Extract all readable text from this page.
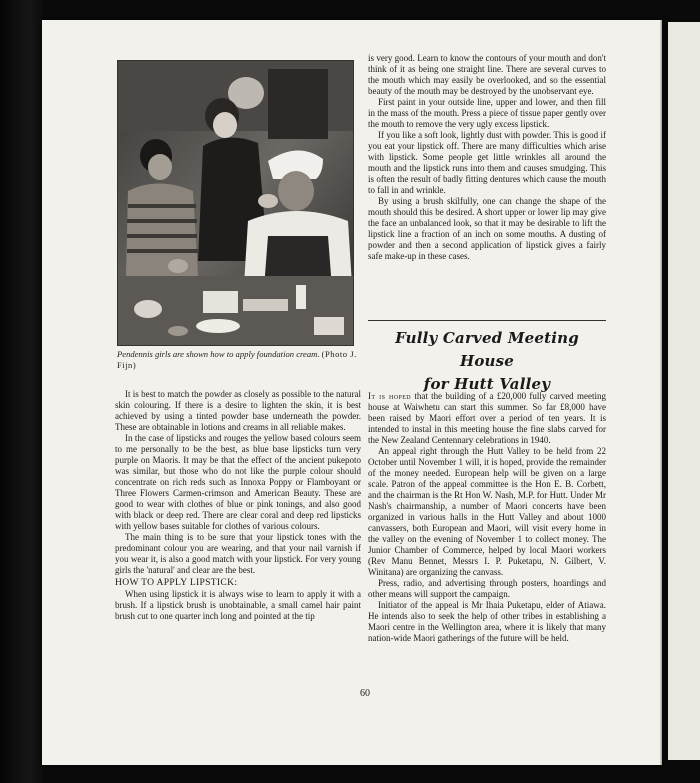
Pendennis girls are shown how to apply foundation cream. (Photo J. Fijn)

It is best to match the powder as closely as possible to the natural skin colouring. If there is a desire to lighten the skin, it is best achieved by using a tinted powder base underneath the powder. These are obtainable in lotions and creams in all reliable makes.

In the case of lipsticks and rouges the yellow based colours seem to me personally to be the best, as blue base lipsticks turn very purple on Maoris. It may be that the effect of the ancient pukepoto was similar, but those who do not like the purple colour should concentrate on rich reds such as Innoxa Poppy or Flamboyant or Three Flowers Carmen-crimson and American Beauty. These are good to wear with clothes of blue or pink tonings, and also good with black or deep red. There are clear coral and deep red lipsticks with yellow bases suitable for clothes of various colours.

The main thing is to be sure that your lipstick tones with the predominant colour you are wearing, and that your nail varnish if you wear it, is also a good match with your lipstick. For very young girls the 'natural' and clear are the best.

HOW TO APPLY LIPSTICK:

When using lipstick it is always wise to learn to apply it with a brush. If a lipstick brush is unobtainable, a small camel hair paint brush cut to one quarter inch long and pointed at the tip

is very good. Learn to know the contours of your mouth and don't think of it as being one straight line. There are several curves to the mouth which may easily be overlooked, and so the essential beauty of the mouth may be destroyed by the unobservant eye.

First paint in your outside line, upper and lower, and then fill in the mass of the mouth. Press a piece of tissue paper gently over the mouth to remove the very ugly excess lipstick.

If you like a soft look, lightly dust with powder. This is good if you eat your lipstick off. There are many difficulties which arise with lipstick. Some people get little wrinkles all around the mouth and the lipstick runs into them and causes smudging. This is often the result of badly fitting dentures which cause the mouth to fall in and wrinkle.

By using a brush skilfully, one can change the shape of the mouth should this be desired. A short upper or lower lip may give the face an unbalanced look, so that it may be desirable to lift the lipstick line a fraction of an inch on some mouths. A dusting of powder and then a second application of lipstick gives a fairly safe make-up in these cases.

Fully Carved Meeting House
for Hutt Valley

It is hoped that the building of a £20,000 fully carved meeting house at Waiwhetu can start this summer. So far £8,000 have been raised by Maori effort over a period of ten years. It is intended to instal in this meeting house the fine slabs carved for the New Zealand Centennary celebrations in 1940.

An appeal right through the Hutt Valley to be held from 22 October until November 1 will, it is hoped, provide the remainder of the money needed. European help will be given on a large scale. Patron of the appeal committee is the Hon E. B. Corbett, and the chairman is the Rt Hon W. Nash, M.P. for Hutt. Under Mr Nash's chairmanship, a number of Maori concerts have been organized in various halls in the Hutt Valley and about 1000 canvassers, both European and Maori, will visit every home in the valley on the evening of November 1 to collect money. The Junior Chamber of Commerce, helped by local Maori workers (Rev Manu Bennet, Messrs I. P. Puketapu, N. Gilbert, V. Winitana) are organizing the canvass.

Press, radio, and advertising through posters, hoardings and other means will support the campaign.

Initiator of the appeal is Mr Ihaia Puketapu, elder of Atiawa. He intends also to seek the help of other tribes in establishing a Maori centre in the Wellington area, where it is likely that many nation-wide Maori gatherings of the future will be held.

60
